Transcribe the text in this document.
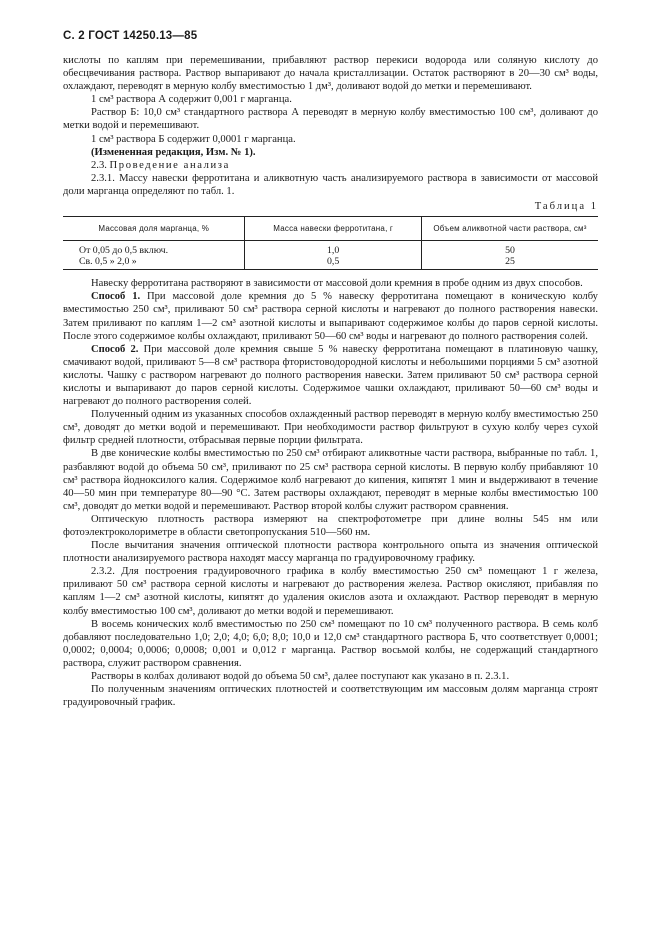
С. 2 ГОСТ 14250.13—85

кислоты по каплям при перемешивании, прибавляют раствор перекиси водорода или соляную кислоту до обесцвечивания раствора. Раствор выпаривают до начала кристаллизации. Остаток растворяют в 20—30 см³ воды, охлаждают, переводят в мерную колбу вместимостью 1 дм³, доливают водой до метки и перемешивают.

1 см³ раствора А содержит 0,001 г марганца.

Раствор Б: 10,0 см³ стандартного раствора А переводят в мерную колбу вместимостью 100 см³, доливают до метки водой и перемешивают.

1 см³ раствора Б содержит 0,0001 г марганца.

(Измененная редакция, Изм. № 1).

2.3. Проведение анализа

2.3.1. Массу навески ферротитана и аликвотную часть анализируемого раствора в зависимости от массовой доли марганца определяют по табл. 1.

Таблица 1
Массовая доля марганца, %	Масса навески ферротитана, г	Объем аликвотной части раствора, см³
От 0,05 до 0,5 включ.	1,0	50
Св. 0,5 » 2,0 »	0,5	25

Навеску ферротитана растворяют в зависимости от массовой доли кремния в пробе одним из двух способов.

Способ 1. При массовой доле кремния до 5 % навеску ферротитана помещают в коническую колбу вместимостью 250 см³, приливают 50 см³ раствора серной кислоты и нагревают до полного растворения навески. Затем приливают по каплям 1—2 см³ азотной кислоты и выпаривают содержимое колбы до паров серной кислоты. После этого содержимое колбы охлаждают, приливают 50—60 см³ воды и нагревают до полного растворения солей.

Способ 2. При массовой доле кремния свыше 5 % навеску ферротитана помещают в платиновую чашку, смачивают водой, приливают 5—8 см³ раствора фтористоводородной кислоты и небольшими порциями 5 см³ азотной кислоты. Чашку с раствором нагревают до полного растворения навески. Затем приливают 50 см³ раствора серной кислоты и выпаривают до паров серной кислоты. Содержимое чашки охлаждают, приливают 50—60 см³ воды и нагревают до полного растворения солей.

Полученный одним из указанных способов охлажденный раствор переводят в мерную колбу вместимостью 250 см³, доводят до метки водой и перемешивают. При необходимости раствор фильтруют в сухую колбу через сухой фильтр средней плотности, отбрасывая первые порции фильтрата.

В две конические колбы вместимостью по 250 см³ отбирают аликвотные части раствора, выбранные по табл. 1, разбавляют водой до объема 50 см³, приливают по 25 см³ раствора серной кислоты. В первую колбу прибавляют 10 см³ раствора йодноксилого калия. Содержимое колб нагревают до кипения, кипятят 1 мин и выдерживают в течение 40—50 мин при температуре 80—90 °С. Затем растворы охлаждают, переводят в мерные колбы вместимостью 100 см³, доводят до метки водой и перемешивают. Раствор второй колбы служит раствором сравнения.

Оптическую плотность раствора измеряют на спектрофотометре при длине волны 545 нм или фотоэлектроколориметре в области светопропускания 510—560 нм.

После вычитания значения оптической плотности раствора контрольного опыта из значения оптической плотности анализируемого раствора находят массу марганца по градуировочному графику.

2.3.2. Для построения градуировочного графика в колбу вместимостью 250 см³ помещают 1 г железа, приливают 50 см³ раствора серной кислоты и нагревают до растворения железа. Раствор окисляют, прибавляя по каплям 1—2 см³ азотной кислоты, кипятят до удаления окислов азота и охлаждают. Раствор переводят в мерную колбу вместимостью 100 см³, доливают до метки водой и перемешивают.

В восемь конических колб вместимостью по 250 см³ помещают по 10 см³ полученного раствора. В семь колб добавляют последовательно 1,0; 2,0; 4,0; 6,0; 8,0; 10,0 и 12,0 см³ стандартного раствора Б, что соответствует 0,0001; 0,0002; 0,0004; 0,0006; 0,0008; 0,001 и 0,012 г марганца. Раствор восьмой колбы, не содержащий стандартного раствора, служит раствором сравнения.

Растворы в колбах доливают водой до объема 50 см³, далее поступают как указано в п. 2.3.1.

По полученным значениям оптических плотностей и соответствующим им массовым долям марганца строят градуировочный график.
